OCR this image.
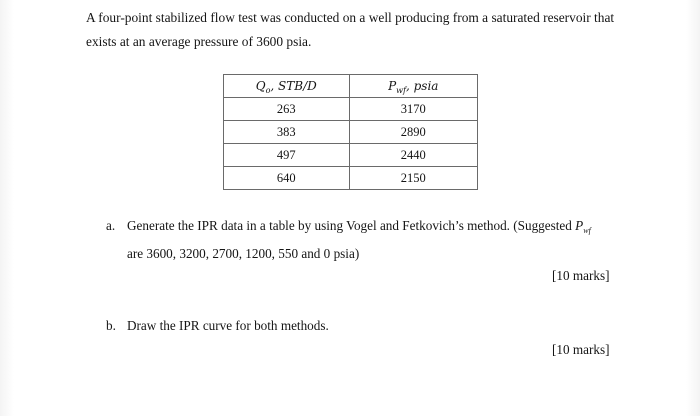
A four-point stabilized flow test was conducted on a well producing from a saturated reservoir that

exists at an average pressure of 3600 psia.

$Q_o$, STB/D	$P_{wf}$, psia
263	3170
383	2890
497	2440
640	2150
a. Generate the IPR data in a table by using Vogel and Fetkovich’s method. (Suggested $P_{wf}$
are 3600, 3200, 2700, 1200, 550 and 0 psia)
[10 marks]
b. Draw the IPR curve for both methods.
[10 marks]
